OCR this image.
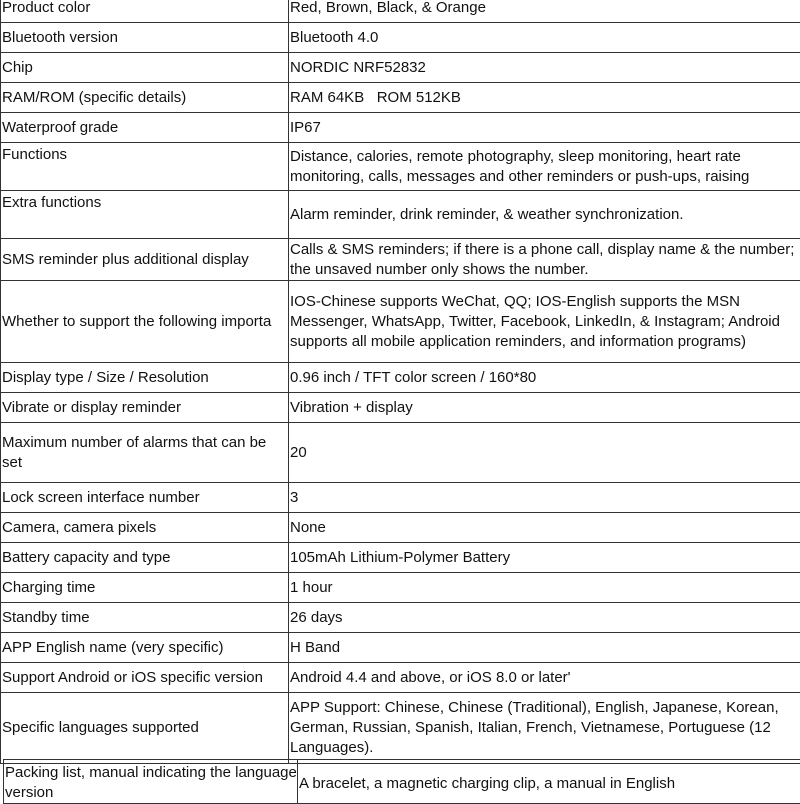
Product color	Red, Brown, Black, & Orange
Bluetooth version	Bluetooth 4.0
Chip	NORDIC NRF52832
RAM/ROM (specific details)	RAM 64KB   ROM 512KB
Waterproof grade	IP67
Functions	Distance, calories, remote photography, sleep monitoring, heart rate monitoring, calls, messages and other reminders or push-ups, raising
Extra functions	Alarm reminder, drink reminder, & weather synchronization.
SMS reminder plus additional display	Calls & SMS reminders; if there is a phone call, display name & the number; the unsaved number only shows the number.
Whether to support the following importa	IOS-Chinese supports WeChat, QQ; IOS-English supports the MSN Messenger, WhatsApp, Twitter, Facebook, LinkedIn, & Instagram; Android supports all mobile application reminders, and information programs)
Display type / Size / Resolution	0.96 inch / TFT color screen / 160*80
Vibrate or display reminder	Vibration + display
Maximum number of alarms that can be set	20
Lock screen interface number	3
Camera, camera pixels	None
Battery capacity and type	105mAh Lithium-Polymer Battery
Charging time	1 hour
Standby time	26 days
APP English name (very specific)	H Band
Support Android or iOS specific version	Android 4.4 and above, or iOS 8.0 or later'
Specific languages supported	APP Support: Chinese, Chinese (Traditional), English, Japanese, Korean, German, Russian, Spanish, Italian, French, Vietnamese, Portuguese (12 Languages).
Packing list, manual indicating the language version	A bracelet, a magnetic charging clip, a manual in English
